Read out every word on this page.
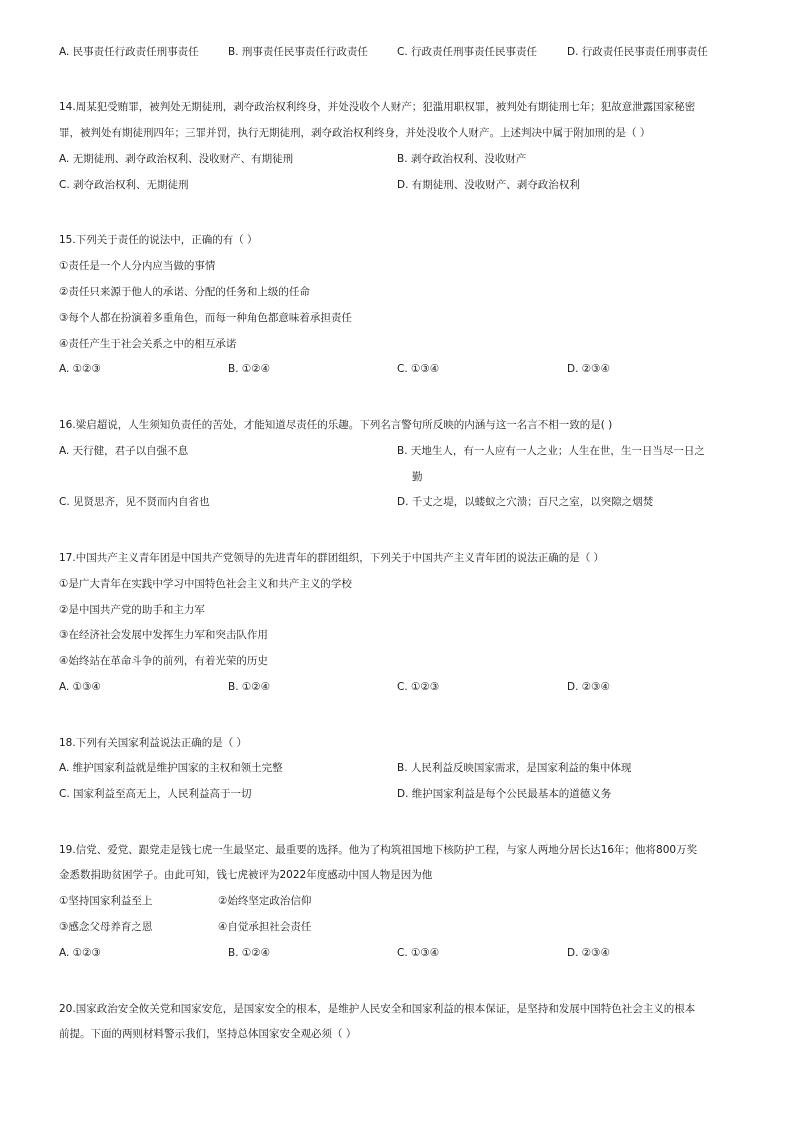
A. 民事责任行政责任刑事责任	B. 刑事责任民事责任行政责任	C. 行政责任刑事责任民事责任	D. 行政责任民事责任刑事责任
14.周某犯受贿罪，被判处无期徒刑，剥夺政治权利终身，并处没收个人财产；犯滥用职权罪，被判处有期徒刑七年；犯故意泄露国家秘密
罪，被判处有期徒刑四年；三罪并罚，执行无期徒刑，剥夺政治权利终身，并处没收个人财产。上述判决中属于附加刑的是（ ）
A. 无期徒刑、剥夺政治权利、没收财产、有期徒刑	B. 剥夺政治权利、没收财产
C. 剥夺政治权利、无期徒刑	D. 有期徒刑、没收财产、剥夺政治权利
15.下列关于责任的说法中，正确的有（ ）
①责任是一个人分内应当做的事情
②责任只来源于他人的承诺、分配的任务和上级的任命
③每个人都在扮演着多重角色，而每一种角色都意味着承担责任
④责任产生于社会关系之中的相互承诺
A. ①②③	B. ①②④	C. ①③④	D. ②③④
16.梁启超说，人生须知负责任的苦处，才能知道尽责任的乐趣。下列名言警句所反映的内涵与这一名言不相一致的是( )
A. 天行健，君子以自强不息	B. 天地生人，有一人应有一人之业；人生在世，生一日当尽一日之
勤
C. 见贤思齐，见不贤而内自省也	D. 千丈之堤，以蝼蚁之穴溃；百尺之室，以突隙之烟焚
17.中国共产主义青年团是中国共产党领导的先进青年的群团组织，下列关于中国共产主义青年团的说法正确的是（ ）
①是广大青年在实践中学习中国特色社会主义和共产主义的学校
②是中国共产党的助手和主力军
③在经济社会发展中发挥生力军和突击队作用
④始终站在革命斗争的前列，有着光荣的历史
A. ①③④	B. ①②④	C. ①②③	D. ②③④
18.下列有关国家利益说法正确的是（ ）
A. 维护国家利益就是维护国家的主权和领土完整	B. 人民利益反映国家需求，是国家利益的集中体现
C. 国家利益至高无上，人民利益高于一切	D. 维护国家利益是每个公民最基本的道德义务
19.信党、爱党、跟党走是钱七虎一生最坚定、最重要的选择。他为了构筑祖国地下核防护工程，与家人两地分居长达16年；他将800万奖
金悉数捐助贫困学子。由此可知，钱七虎被评为2022年度感动中国人物是因为他
①坚持国家利益至上	②始终坚定政治信仰
③感念父母养育之恩	④自觉承担社会责任
A. ①②③	B. ①②④	C. ①③④	D. ②③④
20.国家政治安全攸关党和国家安危，是国家安全的根本，是维护人民安全和国家利益的根本保证，是坚持和发展中国特色社会主义的根本
前提。下面的两则材料警示我们，坚持总体国家安全观必须（ ）
